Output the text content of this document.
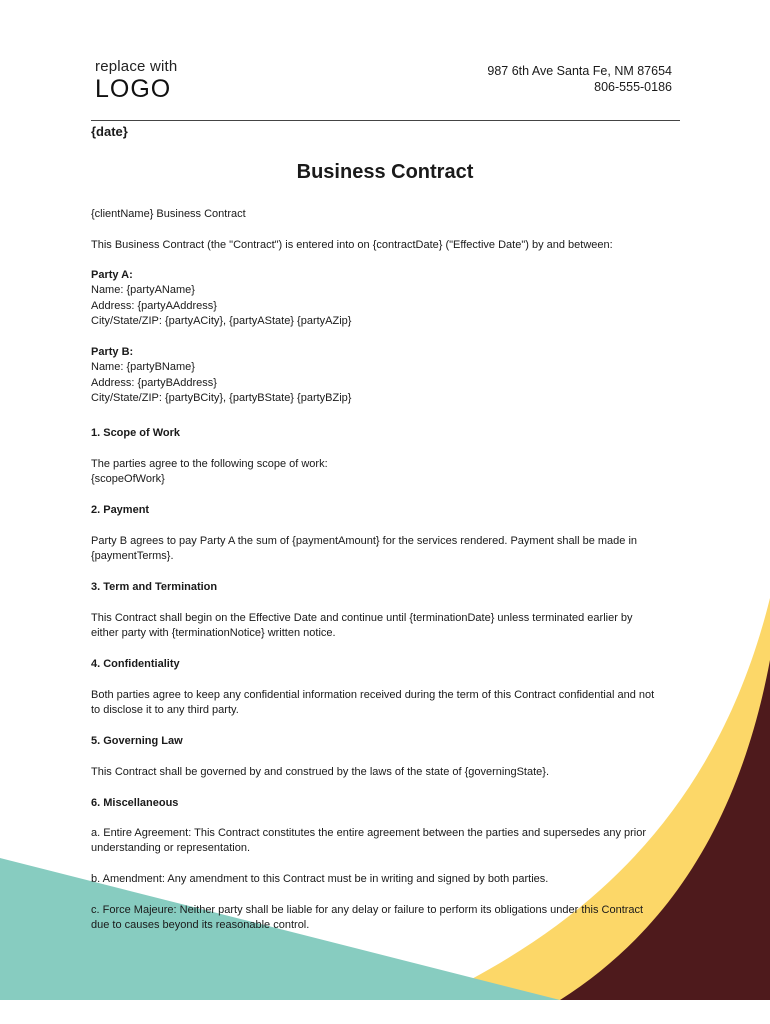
replace with
LOGO
987 6th Ave Santa Fe, NM 87654
806-555-0186
{date}
Business Contract

{clientName} Business Contract

This Business Contract (the "Contract") is entered into on {contractDate} ("Effective Date") by and between:

Party A:

Name: {partyAName}

Address: {partyAAddress}

City/State/ZIP: {partyACity}, {partyAState} {partyAZip}

Party B:

Name: {partyBName}

Address: {partyBAddress}

City/State/ZIP: {partyBCity}, {partyBState} {partyBZip}

1. Scope of Work

The parties agree to the following scope of work:

{scopeOfWork}

2. Payment

Party B agrees to pay Party A the sum of {paymentAmount} for the services rendered. Payment shall be made in

{paymentTerms}.

3. Term and Termination

This Contract shall begin on the Effective Date and continue until {terminationDate} unless terminated earlier by

either party with {terminationNotice} written notice.

4. Confidentiality

Both parties agree to keep any confidential information received during the term of this Contract confidential and not

to disclose it to any third party.

5. Governing Law

This Contract shall be governed by and construed by the laws of the state of {governingState}.

6. Miscellaneous

a. Entire Agreement: This Contract constitutes the entire agreement between the parties and supersedes any prior

understanding or representation.

b. Amendment: Any amendment to this Contract must be in writing and signed by both parties.

c. Force Majeure: Neither party shall be liable for any delay or failure to perform its obligations under this Contract

due to causes beyond its reasonable control.
